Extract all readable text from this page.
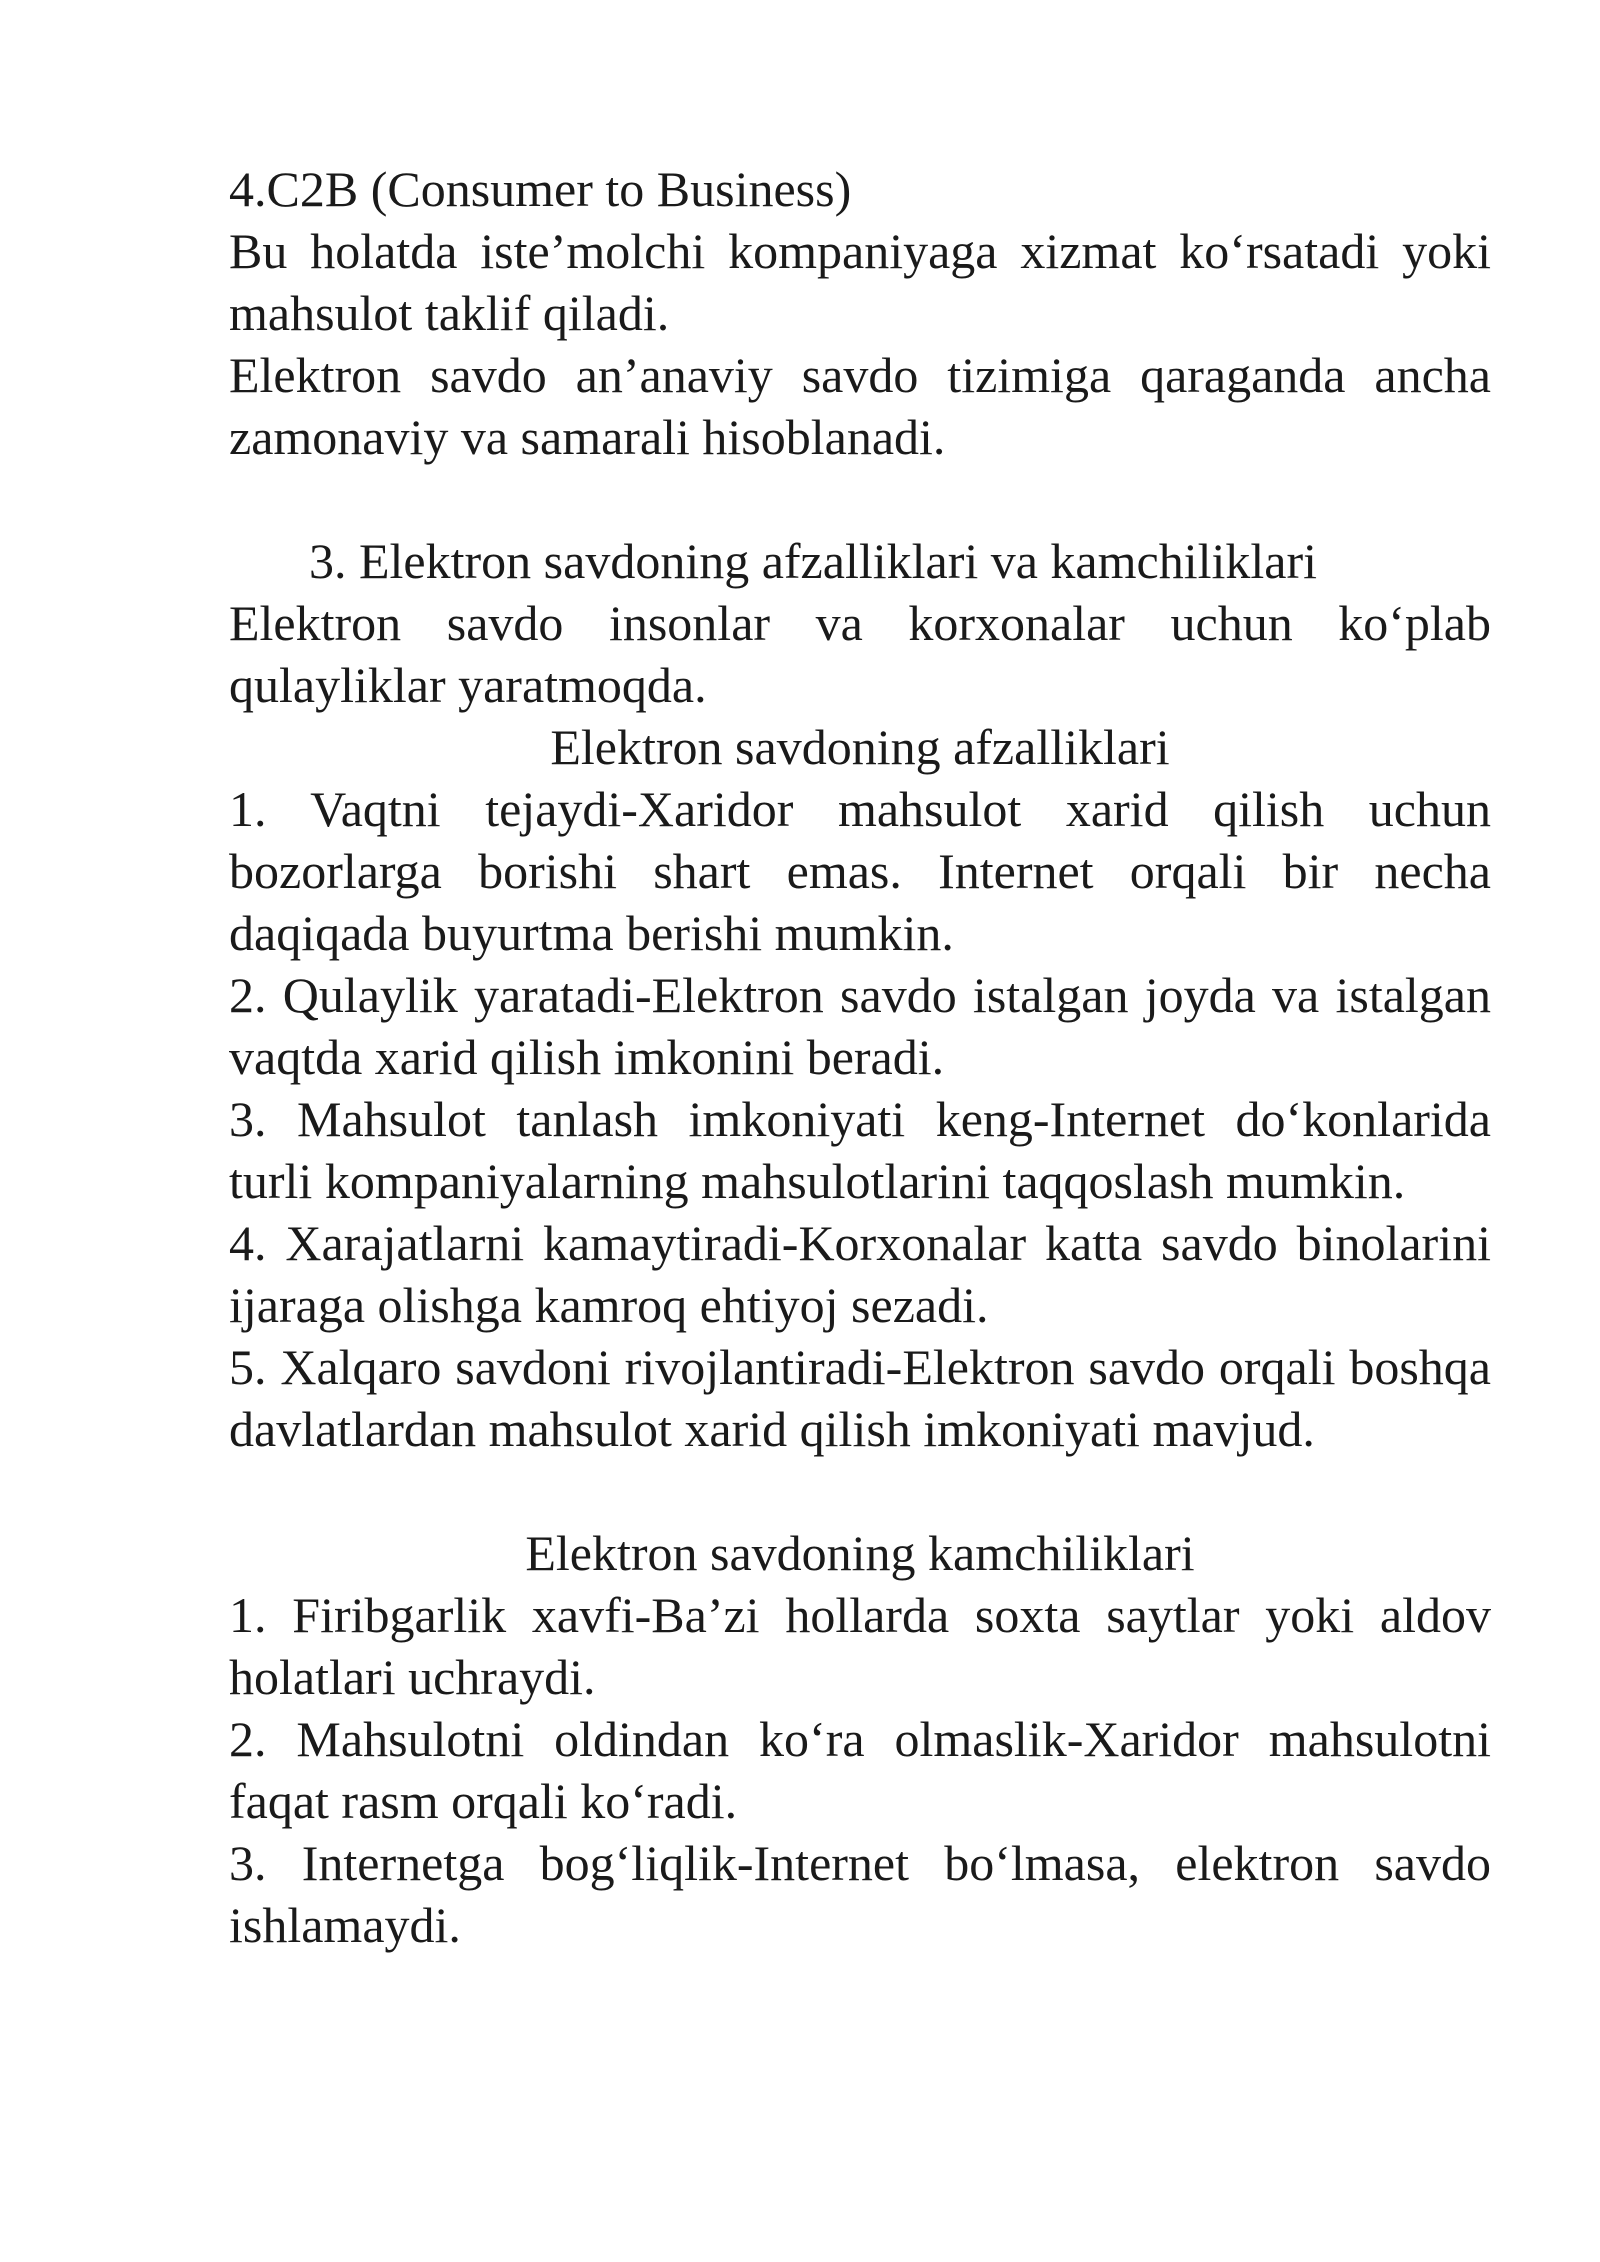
4.C2B (Consumer to Business)

Bu holatda iste’molchi kompaniyaga xizmat ko‘rsatadi yoki mahsulot taklif qiladi.

Elektron savdo an’anaviy savdo tizimiga qaraganda ancha zamonaviy va samarali hisoblanadi.

3. Elektron savdoning afzalliklari va kamchiliklari

Elektron savdo insonlar va korxonalar uchun ko‘plab qulayliklar yaratmoqda.

Elektron savdoning afzalliklari

1. Vaqtni tejaydi-Xaridor mahsulot xarid qilish uchun bozorlarga borishi shart emas. Internet orqali bir necha daqiqada buyurtma berishi mumkin.

2. Qulaylik yaratadi-Elektron savdo istalgan joyda va istalgan vaqtda xarid qilish imkonini beradi.

3. Mahsulot tanlash imkoniyati keng-Internet do‘konlarida turli kompaniyalarning mahsulotlarini taqqoslash mumkin.

4. Xarajatlarni kamaytiradi-Korxonalar katta savdo binolarini ijaraga olishga kamroq ehtiyoj sezadi.

5. Xalqaro savdoni rivojlantiradi-Elektron savdo orqali boshqa davlatlardan mahsulot xarid qilish imkoniyati mavjud.

Elektron savdoning kamchiliklari

1. Firibgarlik xavfi-Ba’zi hollarda soxta saytlar yoki aldov holatlari uchraydi.

2. Mahsulotni oldindan ko‘ra olmaslik-Xaridor mahsulotni faqat rasm orqali ko‘radi.

3. Internetga bog‘liqlik-Internet bo‘lmasa, elektron savdo ishlamaydi.
